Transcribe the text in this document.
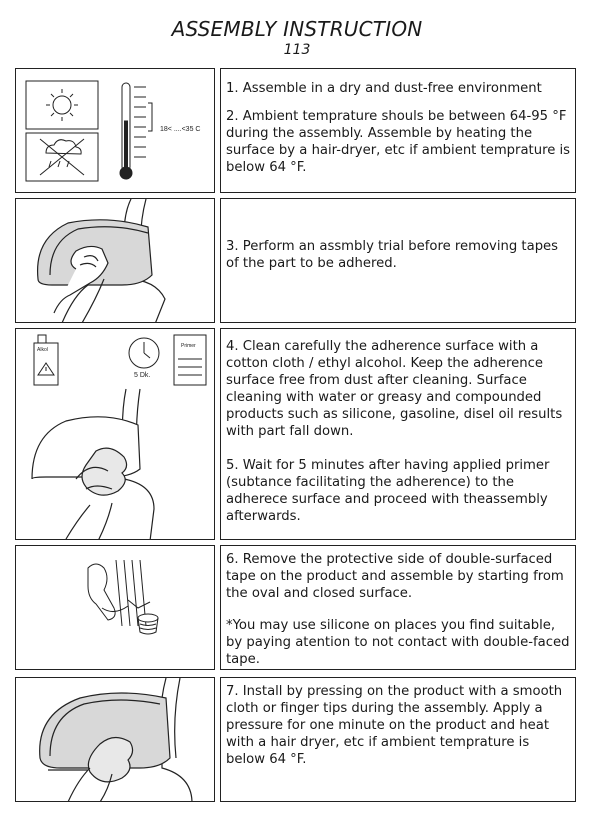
ASSEMBLY INSTRUCTION
113
18< ....<35 C

1. Assemble in a dry and dust-free environment

2. Ambient temprature shouls be between 64-95 °F during the assembly. Assemble by heating the surface by a hair-dryer, etc if ambient temprature is below 64 °F.

3. Perform an assmbly trial before removing tapes of the part to be adhered.

Alkol
5 Dk.
Primer 4. Clean carefully the adherence surface with a cotton cloth / ethyl alcohol. Keep the adherence surface free from dust after cleaning. Surface cleaning with water or greasy and compounded products such as silicone, gasoline, disel oil results with part fall down.

5. Wait for 5 minutes after having applied primer (subtance facilitating the adherence) to the adherece surface and proceed with theassembly afterwards.

6. Remove the protective side of double-surfaced tape on the product and assemble by starting from the oval and closed surface.

*You may use silicone on places you find suitable, by paying atention to not contact with double-faced tape.

7. Install by pressing on the product with a smooth cloth or finger tips during the assembly. Apply a pressure for one minute on the product and heat with a hair dryer, etc if ambient temprature is below 64 °F.
